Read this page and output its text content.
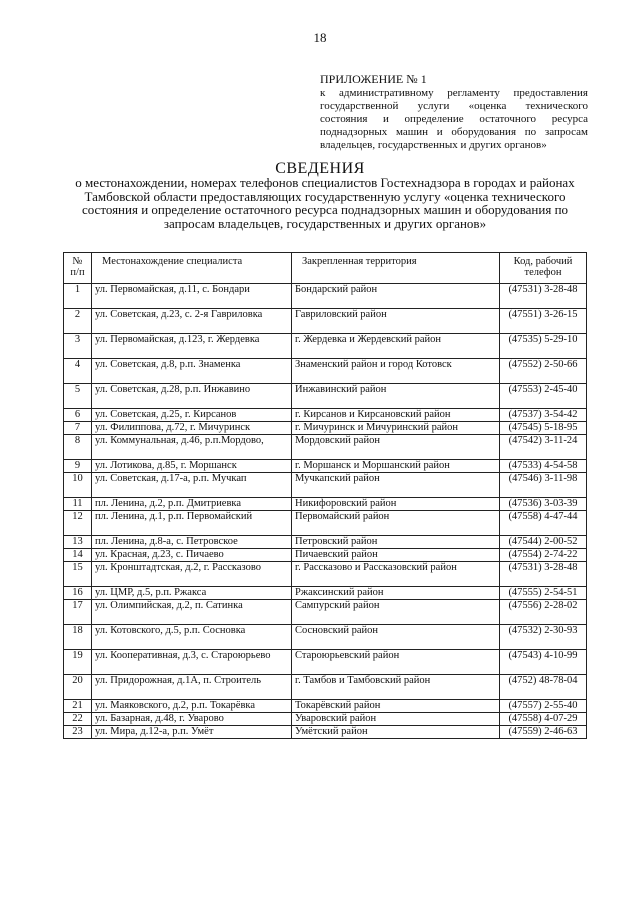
18
ПРИЛОЖЕНИЕ № 1
к административному регламенту предоставления государственной услуги «оценка технического состояния и определение остаточного ресурса поднадзорных машин и оборудования по запросам владельцев, государственных и других органов»
СВЕДЕНИЯ
о местонахождении, номерах телефонов специалистов Гостехнадзора в городах и районах Тамбовской области предоставляющих государственную услугу «оценка технического состояния и определение остаточного ресурса поднадзорных машин и оборудования по запросам владельцев, государственных и других органов»
№ п/п	Местонахождение специалиста	Закрепленная территория	Код, рабочий телефон
1	ул. Первомайская, д.11, с. Бондари	Бондарский район	(47531) 3-28-48
2	ул. Советская, д.23, с. 2-я Гавриловка	Гавриловский район	(47551) 3-26-15
3	ул. Первомайская, д.123, г. Жердевка	г. Жердевка и Жердевский район	(47535) 5-29-10
4	ул. Советская, д.8, р.п. Знаменка	Знаменский район и город Котовск	(47552) 2-50-66
5	ул. Советская, д.28, р.п. Инжавино	Инжавинский район	(47553) 2-45-40
6	ул. Советская, д.25, г. Кирсанов	г. Кирсанов и Кирсановский район	(47537) 3-54-42
7	ул. Филиппова, д.72, г. Мичуринск	г. Мичуринск и Мичуринский район	(47545) 5-18-95
8	ул. Коммунальная, д.46, р.п.Мордово,	Мордовский район	(47542) 3-11-24
9	ул. Лотикова, д.85, г. Моршанск	г. Моршанск и Моршанский район	(47533) 4-54-58
10	ул. Советская, д.17-а, р.п. Мучкап	Мучкапский район	(47546) 3-11-98
11	пл. Ленина, д.2, р.п. Дмитриевка	Никифоровский район	(47536) 3-03-39
12	пл. Ленина, д.1, р.п. Первомайский	Первомайский район	(47558) 4-47-44
13	пл. Ленина, д.8-а, с. Петровское	Петровский район	(47544) 2-00-52
14	ул. Красная, д.23, с. Пичаево	Пичаевский район	(47554) 2-74-22
15	ул. Кронштадтская, д.2, г. Рассказово	г. Рассказово и Рассказовский район	(47531) 3-28-48
16	ул. ЦМР, д.5, р.п. Ржакса	Ржаксинский район	(47555) 2-54-51
17	ул. Олимпийская, д.2, п. Сатинка	Сампурский район	(47556) 2-28-02
18	ул. Котовского, д.5, р.п. Сосновка	Сосновский район	(47532) 2-30-93
19	ул. Кооперативная, д.3, с. Староюрьево	Староюрьевский район	(47543) 4-10-99
20	ул. Придорожная, д.1А, п. Строитель	г. Тамбов и Тамбовский район	(4752) 48-78-04
21	ул. Маяковского, д.2, р.п. Токарёвка	Токарёвский район	(47557) 2-55-40
22	ул. Базарная, д.48, г. Уварово	Уваровский район	(47558) 4-07-29
23	ул. Мира, д.12-а, р.п. Умёт	Умётский район	(47559) 2-46-63
